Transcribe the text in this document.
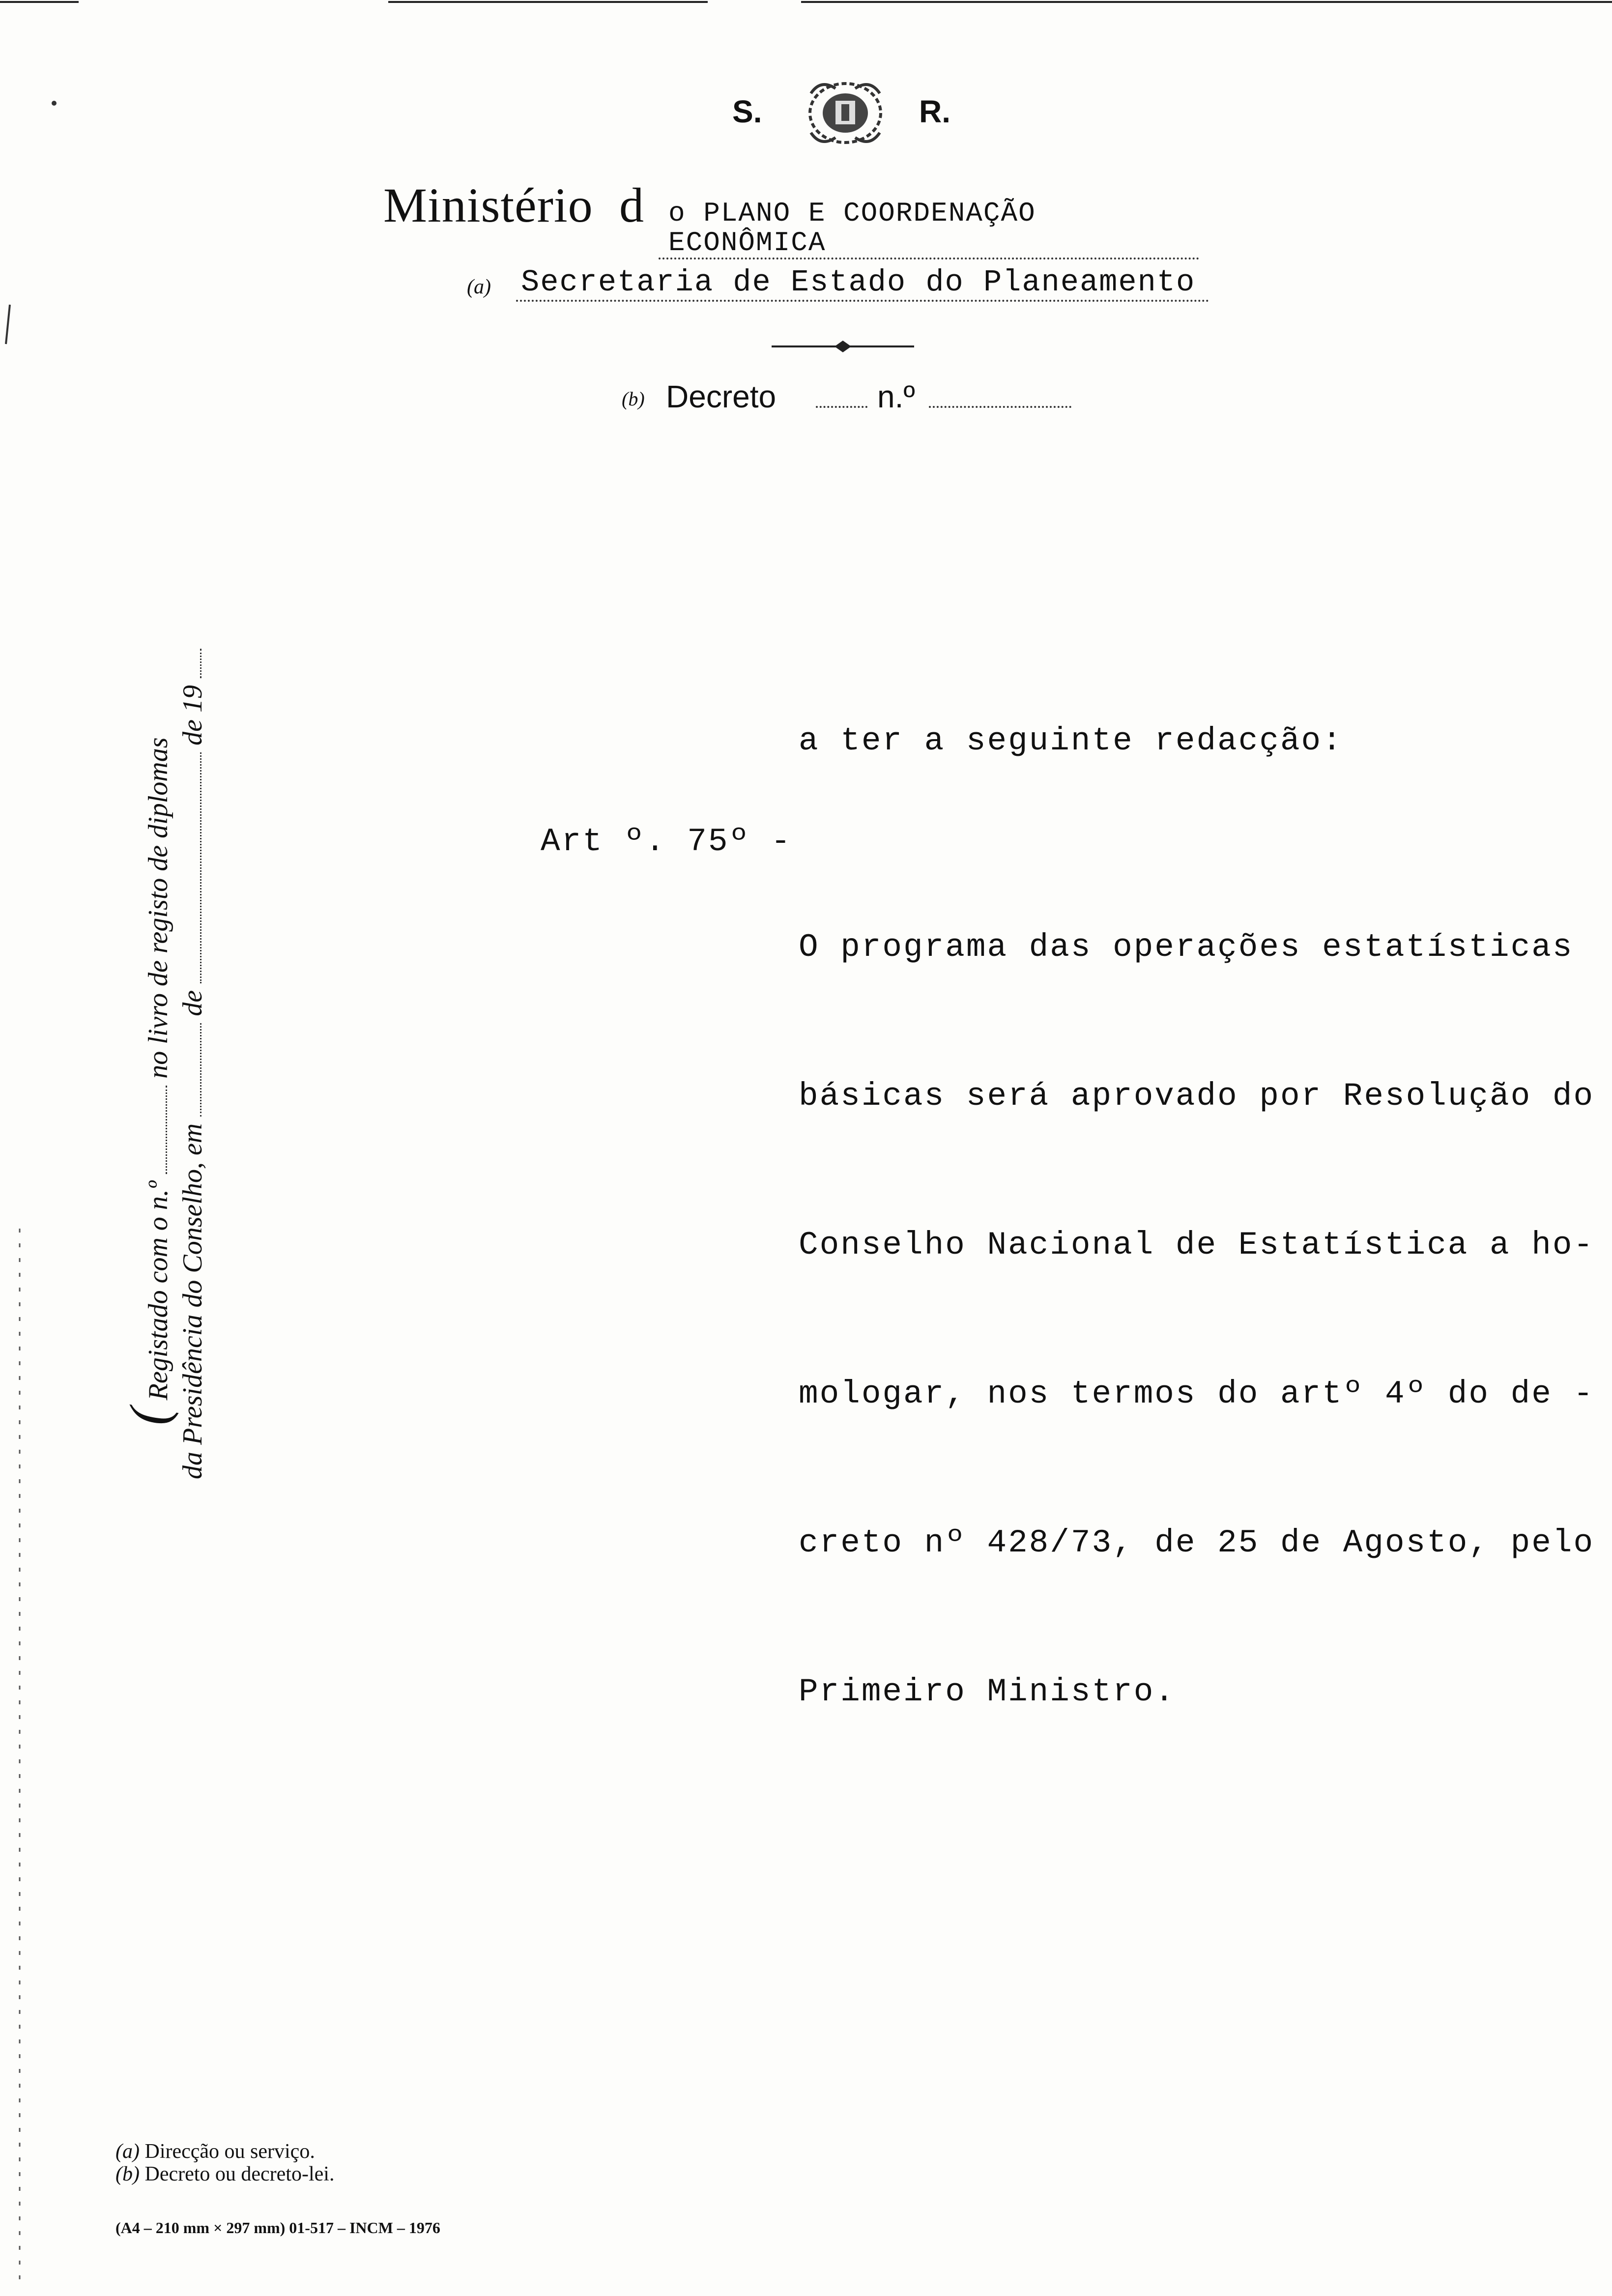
S.	R.
Ministério d o PLANO E COORDENAÇÃO ECONÔMICA
(a) Secretaria de Estado do Planeamento
(b) Decreto	n.º
( Registado com o n.º  no livro de registo de diplomas
da Presidência do Conselho, em  de  de 19	a ter a seguinte redacção:
Art º. 75º -

O programa das operações estatísticas

básicas será aprovado por Resolução do

Conselho Nacional de Estatística a ho-

mologar, nos termos do artº 4º do de -

creto nº 428/73, de 25 de Agosto, pelo

Primeiro Ministro.

(a) Direcção ou serviço.
(b) Decreto ou decreto-lei.
(A4 – 210 mm × 297 mm) 01-517 – INCM – 1976
